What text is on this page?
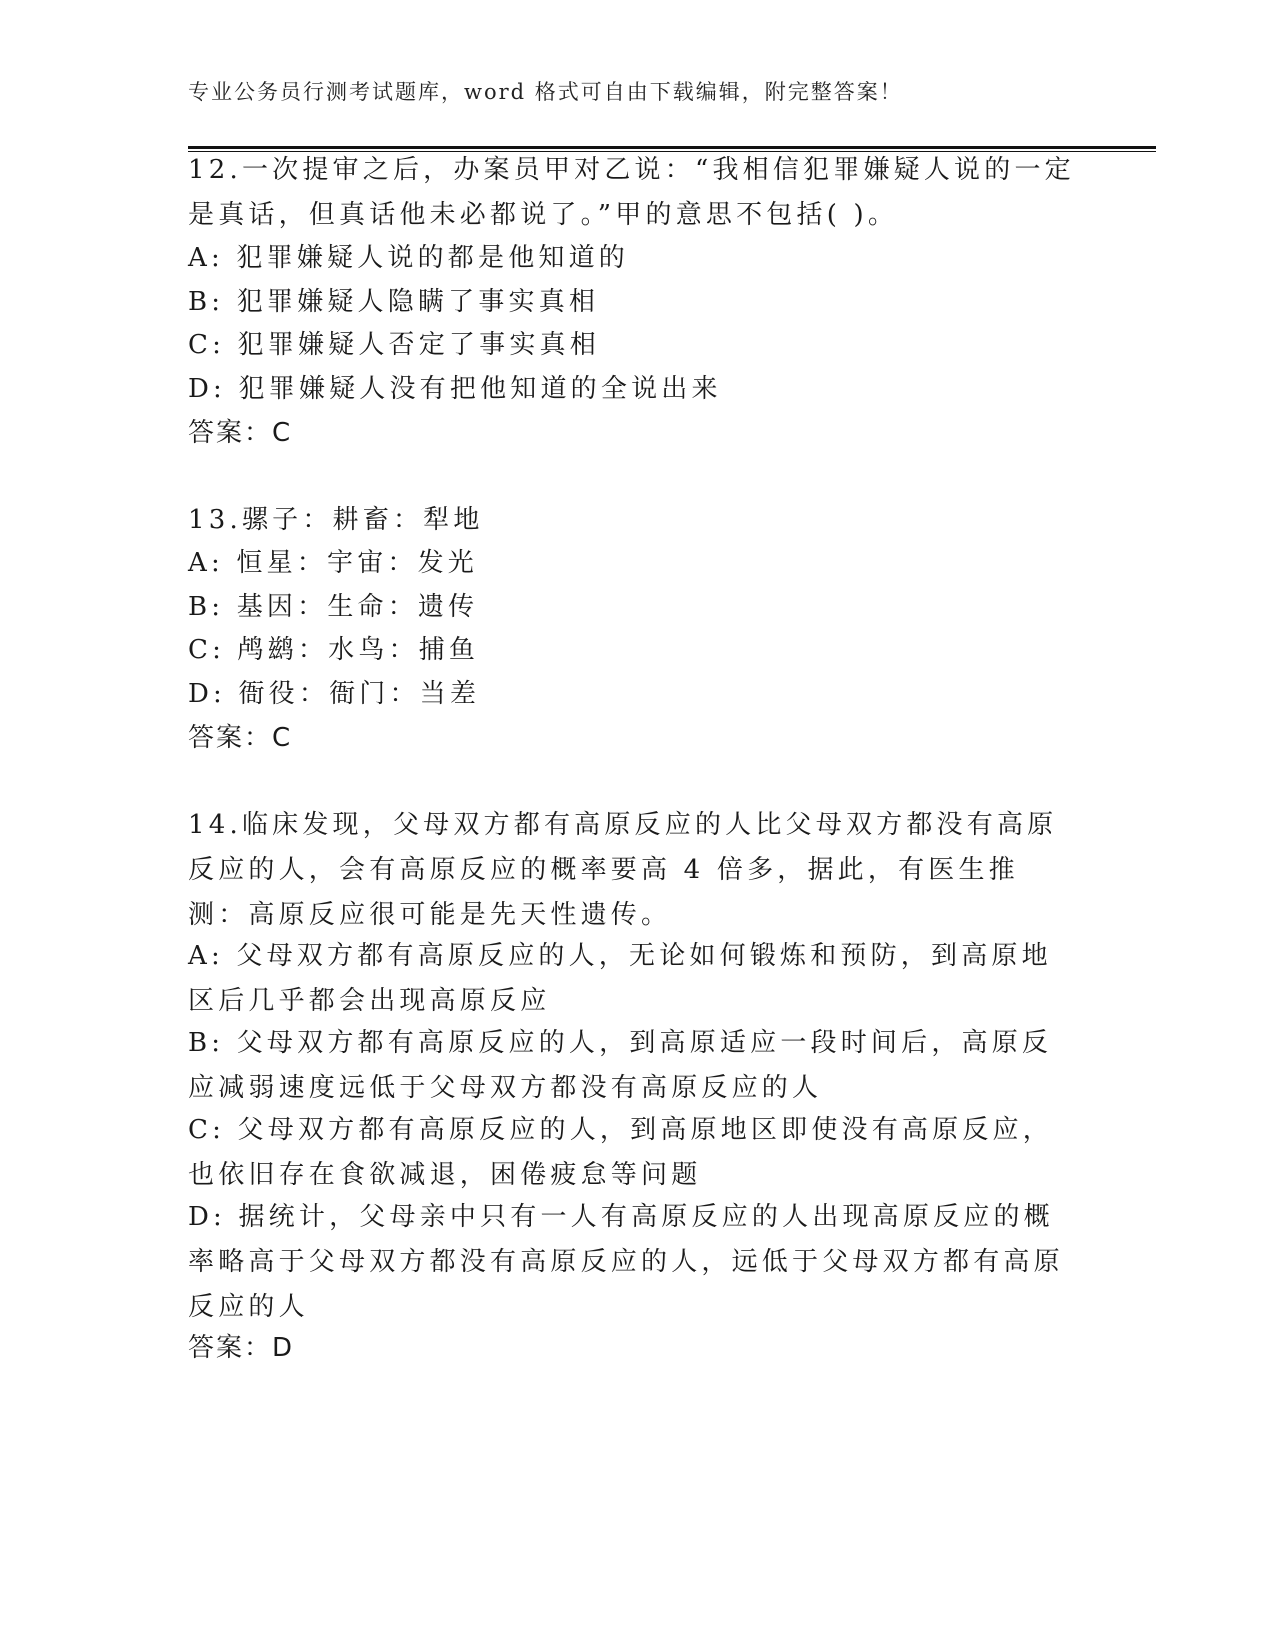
专业公务员行测考试题库，word 格式可自由下载编辑，附完整答案！

12.一次提审之后，办案员甲对乙说：“我相信犯罪嫌疑人说的一定是真话，但真话他未必都说了。”甲的意思不包括( )。

A: 犯罪嫌疑人说的都是他知道的

B: 犯罪嫌疑人隐瞒了事实真相

C: 犯罪嫌疑人否定了事实真相

D: 犯罪嫌疑人没有把他知道的全说出来

答案：C

13.骡子：耕畜：犁地

A: 恒星：宇宙：发光

B: 基因：生命：遗传

C: 鸬鹚：水鸟：捕鱼

D: 衙役：衙门：当差

答案：C

14.临床发现，父母双方都有高原反应的人比父母双方都没有高原反应的人，会有高原反应的概率要高 4 倍多，据此，有医生推测：高原反应很可能是先天性遗传。

A: 父母双方都有高原反应的人，无论如何锻炼和预防，到高原地区后几乎都会出现高原反应

B: 父母双方都有高原反应的人，到高原适应一段时间后，高原反应减弱速度远低于父母双方都没有高原反应的人

C: 父母双方都有高原反应的人，到高原地区即使没有高原反应，也依旧存在食欲减退，困倦疲怠等问题

D: 据统计，父母亲中只有一人有高原反应的人出现高原反应的概率略高于父母双方都没有高原反应的人，远低于父母双方都有高原反应的人

答案：D
